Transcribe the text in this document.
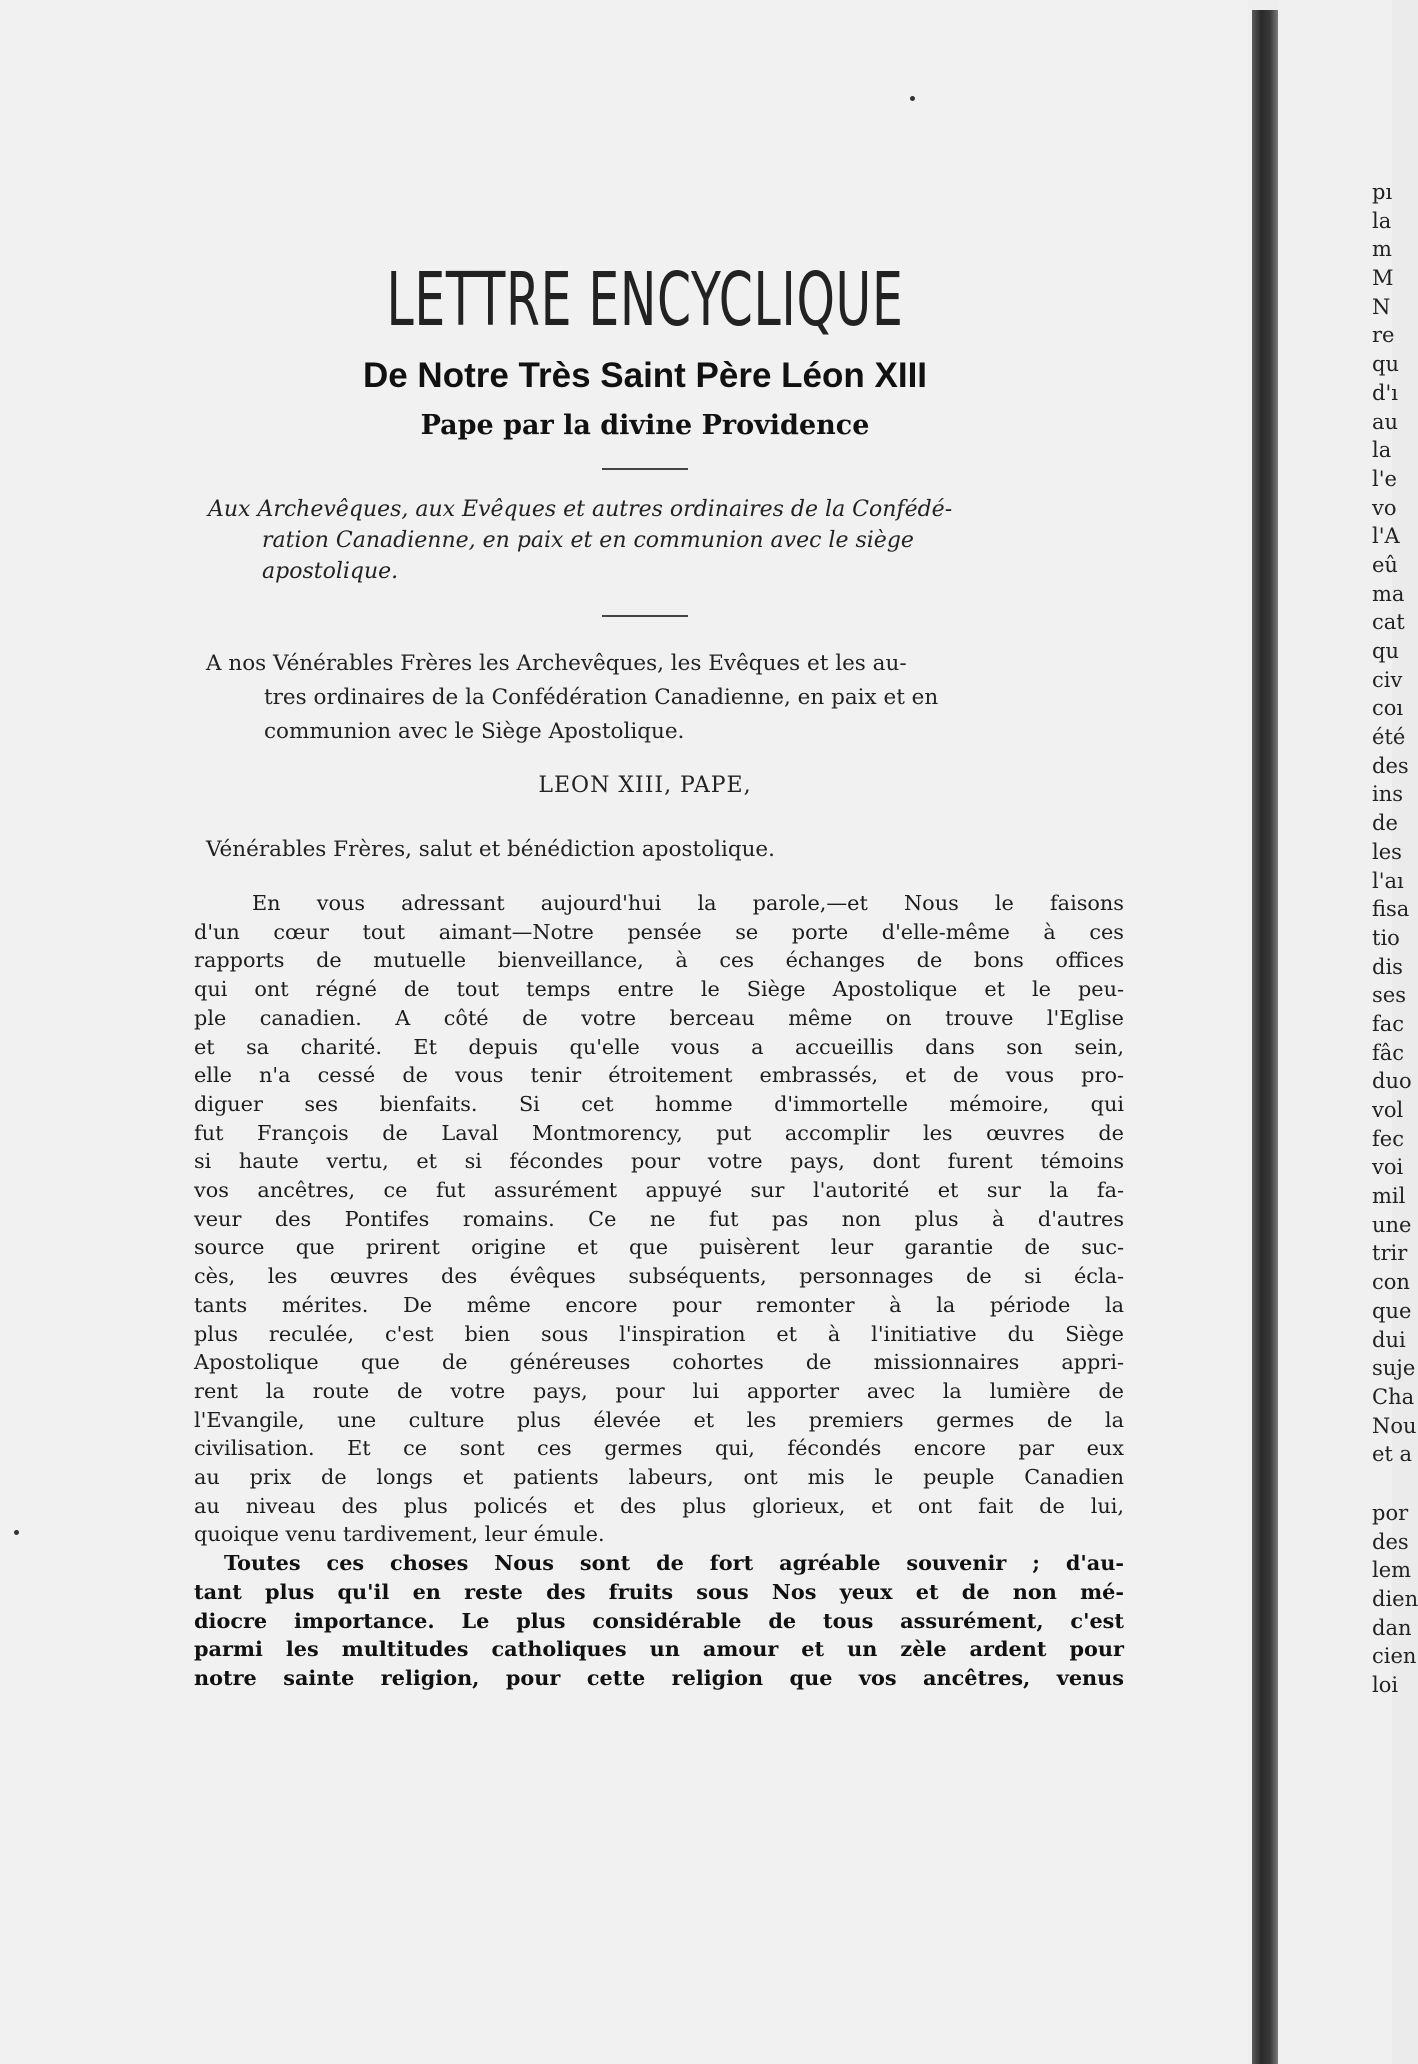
LETTRE ENCYCLIQUE
De Notre Très Saint Père Léon XIII
Pape par la divine Providence
Aux Archevêques, aux Evêques et autres ordinaires de la Confédé-

ration Canadienne, en paix et en communion avec le siège
apostolique.
A nos Vénérables Frères les Archevêques, les Evêques et les au-
tres ordinaires de la Confédération Canadienne, en paix et en
communion avec le Siège Apostolique.
LEON XIII, PAPE,
Vénérables Frères, salut et bénédiction apostolique.
En vous adressant aujourd'hui la parole,—et Nous le faisons
d'un cœur tout aimant—Notre pensée se porte d'elle-même à ces
rapports de mutuelle bienveillance, à ces échanges de bons offices
qui ont régné de tout temps entre le Siège Apostolique et le peu-
ple canadien. A côté de votre berceau même on trouve l'Eglise
et sa charité. Et depuis qu'elle vous a accueillis dans son sein,
elle n'a cessé de vous tenir étroitement embrassés, et de vous pro-
diguer ses bienfaits. Si cet homme d'immortelle mémoire, qui
fut François de Laval Montmorency, put accomplir les œuvres de
si haute vertu, et si fécondes pour votre pays, dont furent témoins
vos ancêtres, ce fut assurément appuyé sur l'autorité et sur la fa-
veur des Pontifes romains. Ce ne fut pas non plus à d'autres
source que prirent origine et que puisèrent leur garantie de suc-
cès, les œuvres des évêques subséquents, personnages de si écla-
tants mérites. De même encore pour remonter à la période la
plus reculée, c'est bien sous l'inspiration et à l'initiative du Siège
Apostolique que de généreuses cohortes de missionnaires appri-
rent la route de votre pays, pour lui apporter avec la lumière de
l'Evangile, une culture plus élevée et les premiers germes de la
civilisation. Et ce sont ces germes qui, fécondés encore par eux
au prix de longs et patients labeurs, ont mis le peuple Canadien
au niveau des plus policés et des plus glorieux, et ont fait de lui,
quoique venu tardivement, leur émule.
Toutes ces choses Nous sont de fort agréable souvenir ; d'au-
tant plus qu'il en reste des fruits sous Nos yeux et de non mé-
diocre importance. Le plus considérable de tous assurément, c'est
parmi les multitudes catholiques un amour et un zèle ardent pour
notre sainte religion, pour cette religion que vos ancêtres, venus
pı
la
m
M
N
re
qu
d'ı
au
la
l'e
vo
l'A
eû
ma
cat
qu
civ
coı
été
des
ins
de
les
l'aı
fisa
tio
dis
ses
fac
fâc
duo
vol
fec
voi
mil
une
trir
con
que
dui
suje
Cha
Nou
et a
por
des
lem
dien
dan
cien
loi
